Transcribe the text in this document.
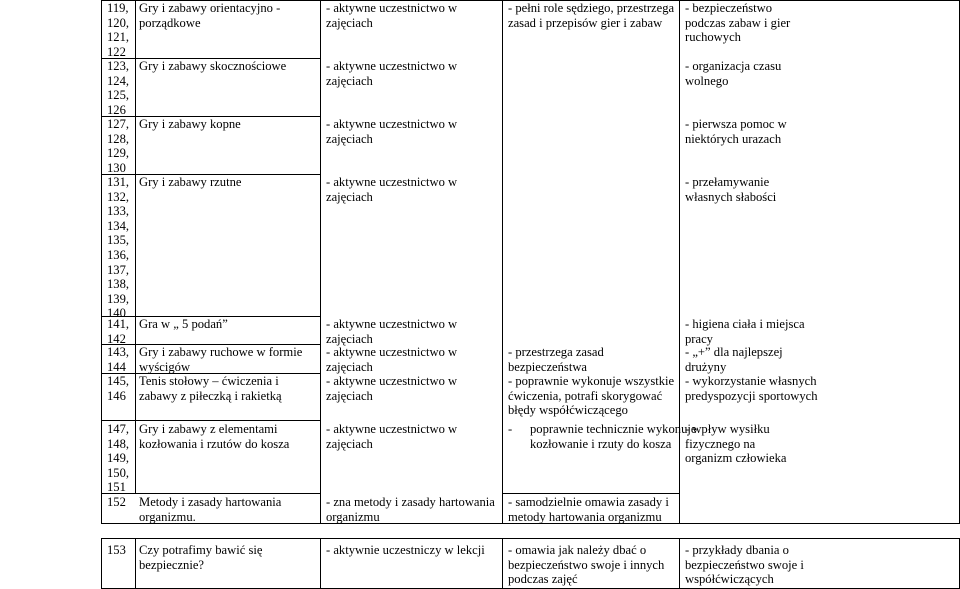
119, 120, 121, 122
123, 124, 125, 126
127, 128, 129, 130
131, 132, 133, 134, 135, 136, 137, 138, 139, 140
141, 142
143, 144
145, 146
147, 148, 149, 150, 151
152
153
Gry i zabawy orientacyjno - porządkowe
Gry i zabawy skocznościowe
Gry i zabawy kopne
Gry i zabawy rzutne
Gra w „ 5 podań”
Gry i zabawy ruchowe w formie wyścigów
Tenis stołowy – ćwiczenia i zabawy z piłeczką i rakietką
Gry i zabawy z elementami kozłowania i rzutów do kosza
Metody i zasady hartowania organizmu.
Czy potrafimy bawić się bezpiecznie?
- aktywne uczestnictwo w zajęciach
- aktywne uczestnictwo w zajęciach
- aktywne uczestnictwo w zajęciach
- aktywne uczestnictwo w zajęciach
- aktywne uczestnictwo w zajęciach
- aktywne uczestnictwo w zajęciach
- aktywne uczestnictwo w zajęciach
- aktywne uczestnictwo w zajęciach
- zna metody i zasady hartowania organizmu
- aktywnie uczestniczy w lekcji
- pełni role sędziego, przestrzega zasad i przepisów gier i zabaw
- przestrzega zasad bezpieczeństwa
- poprawnie wykonuje wszystkie ćwiczenia, potrafi skorygować błędy współćwiczącego
- poprawnie technicznie wykonuje kozłowanie i rzuty do kosza
- samodzielnie omawia zasady i metody hartowania organizmu
- omawia jak należy dbać o bezpieczeństwo swoje i innych podczas zajęć
- bezpieczeństwo podczas zabaw i gier ruchowych
- organizacja czasu wolnego
- pierwsza pomoc w niektórych urazach
- przełamywanie własnych słabości
- higiena ciała i miejsca pracy
- „+” dla najlepszej drużyny
- wykorzystanie własnych predyspozycji sportowych
- wpływ wysiłku fizycznego na organizm człowieka
- przykłady dbania o bezpieczeństwo swoje i współćwiczących
